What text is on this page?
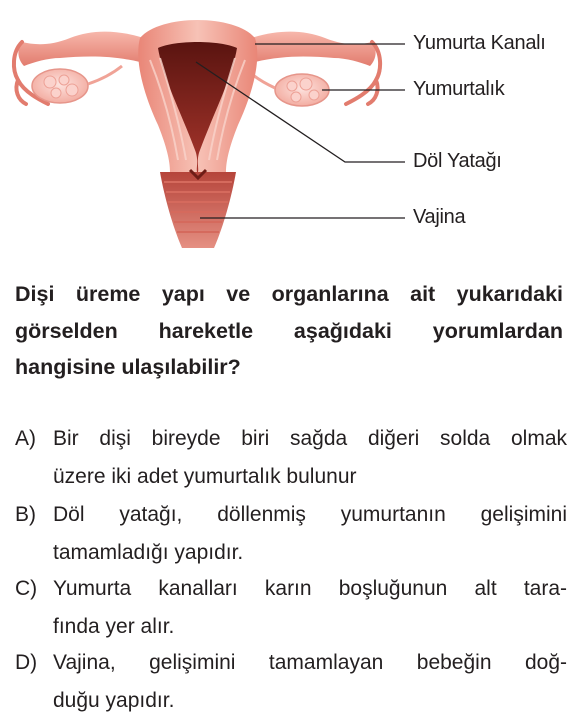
Yumurta Kanalı
Yumurtalık
Döl Yatağı
Vajina
Dişi üreme yapı ve organlarına ait yukarıdaki
görselden hareketle aşağıdaki yorumlardan
hangisine ulaşılabilir?
A) Bir dişi bireyde biri sağda diğeri solda olmak
üzere iki adet yumurtalık bulunur
B) Döl yatağı, döllenmiş yumurtanın gelişimini
tamamladığı yapıdır.
C) Yumurta kanalları karın boşluğunun alt tara-
fında yer alır.
D) Vajina, gelişimini tamamlayan bebeğin doğ-
duğu yapıdır.
